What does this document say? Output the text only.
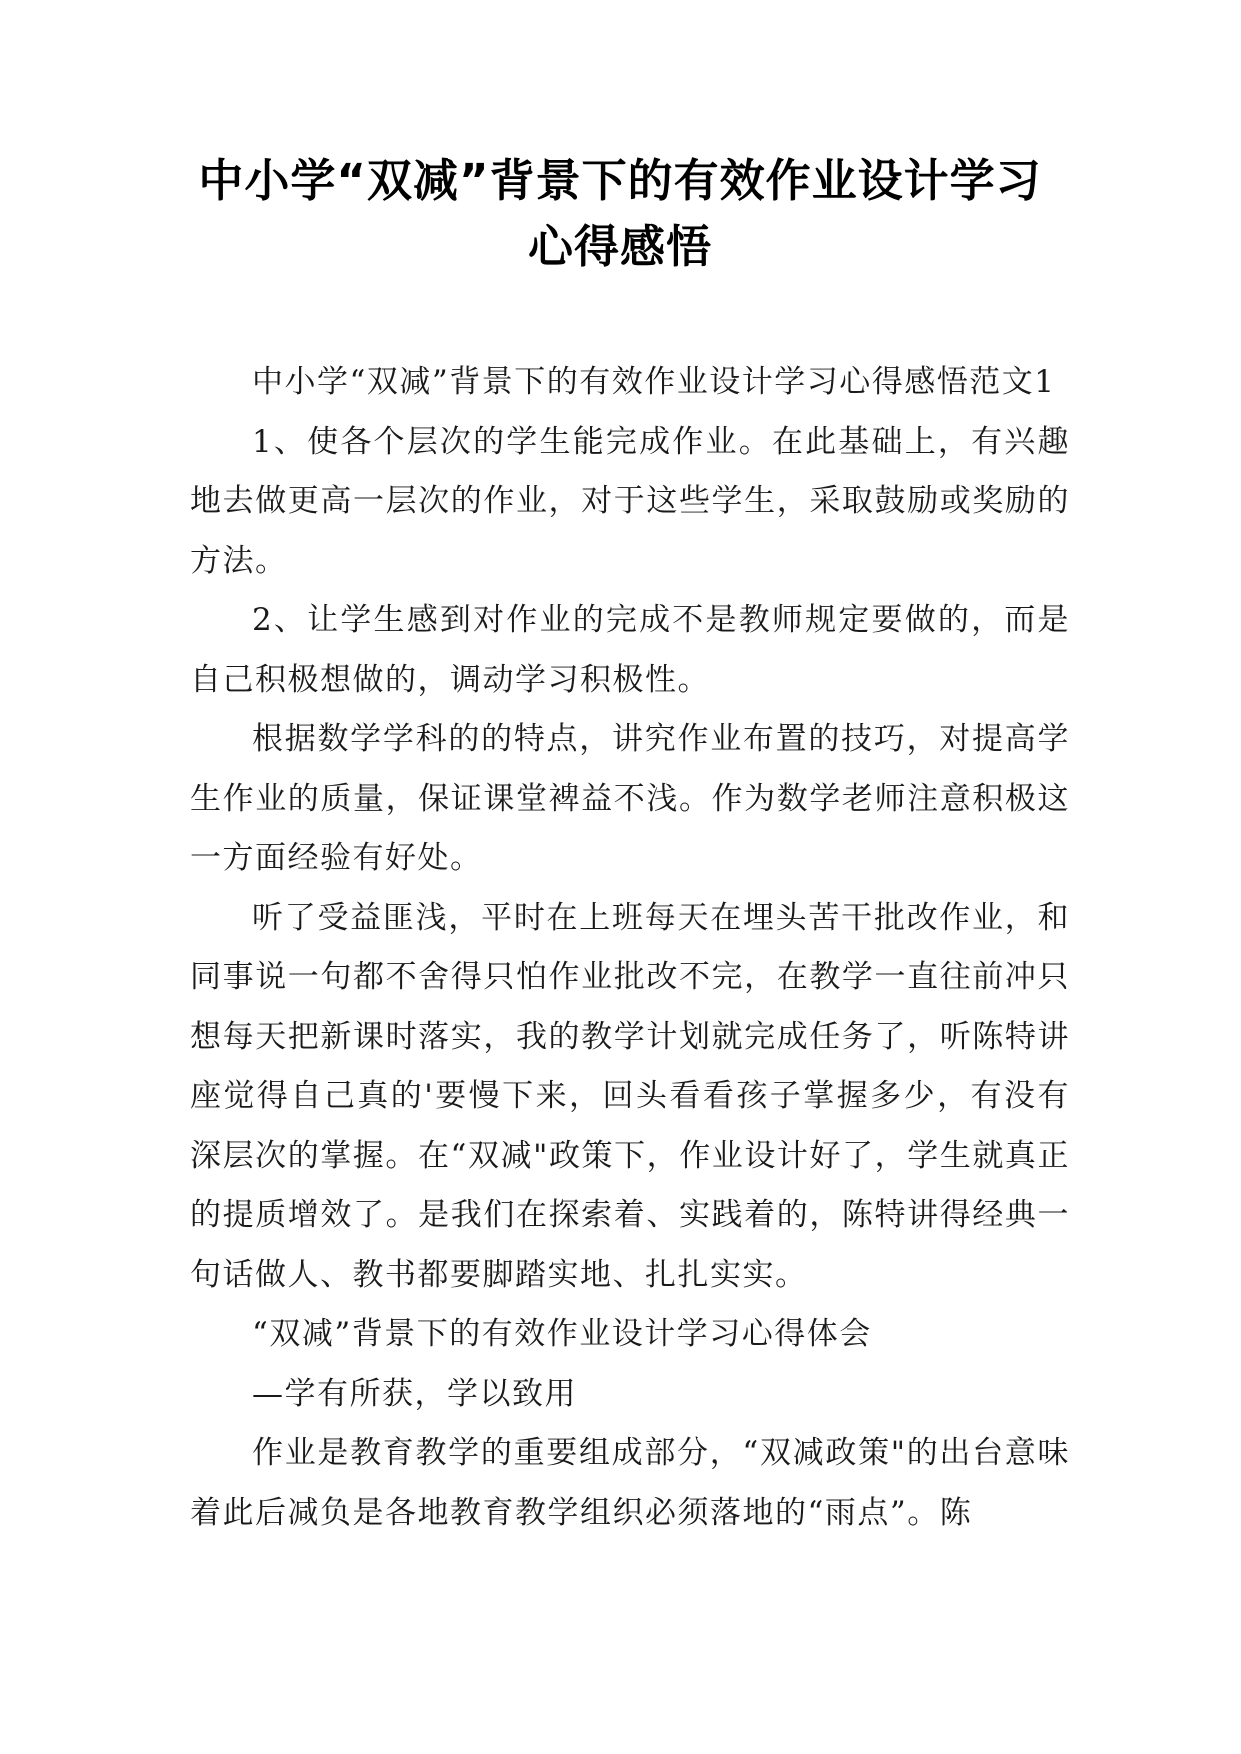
中小学“双减”背景下的有效作业设计学习
心得感悟

中小学“双减”背景下的有效作业设计学习心得感悟范文1

1、使各个层次的学生能完成作业。在此基础上，有兴趣地去做更高一层次的作业，对于这些学生，采取鼓励或奖励的方法。

2、让学生感到对作业的完成不是教师规定要做的，而是自己积极想做的，调动学习积极性。

根据数学学科的的特点，讲究作业布置的技巧，对提高学生作业的质量，保证课堂裨益不浅。作为数学老师注意积极这一方面经验有好处。

听了受益匪浅，平时在上班每天在埋头苦干批改作业，和同事说一句都不舍得只怕作业批改不完，在教学一直往前冲只想每天把新课时落实，我的教学计划就完成任务了，听陈特讲座觉得自己真的'要慢下来，回头看看孩子掌握多少，有没有深层次的掌握。在“双减"政策下，作业设计好了，学生就真正的提质增效了。是我们在探索着、实践着的，陈特讲得经典一句话做人、教书都要脚踏实地、扎扎实实。

“双减”背景下的有效作业设计学习心得体会

—学有所获，学以致用

作业是教育教学的重要组成部分，“双减政策"的出台意味着此后减负是各地教育教学组织必须落地的“雨点”。陈
